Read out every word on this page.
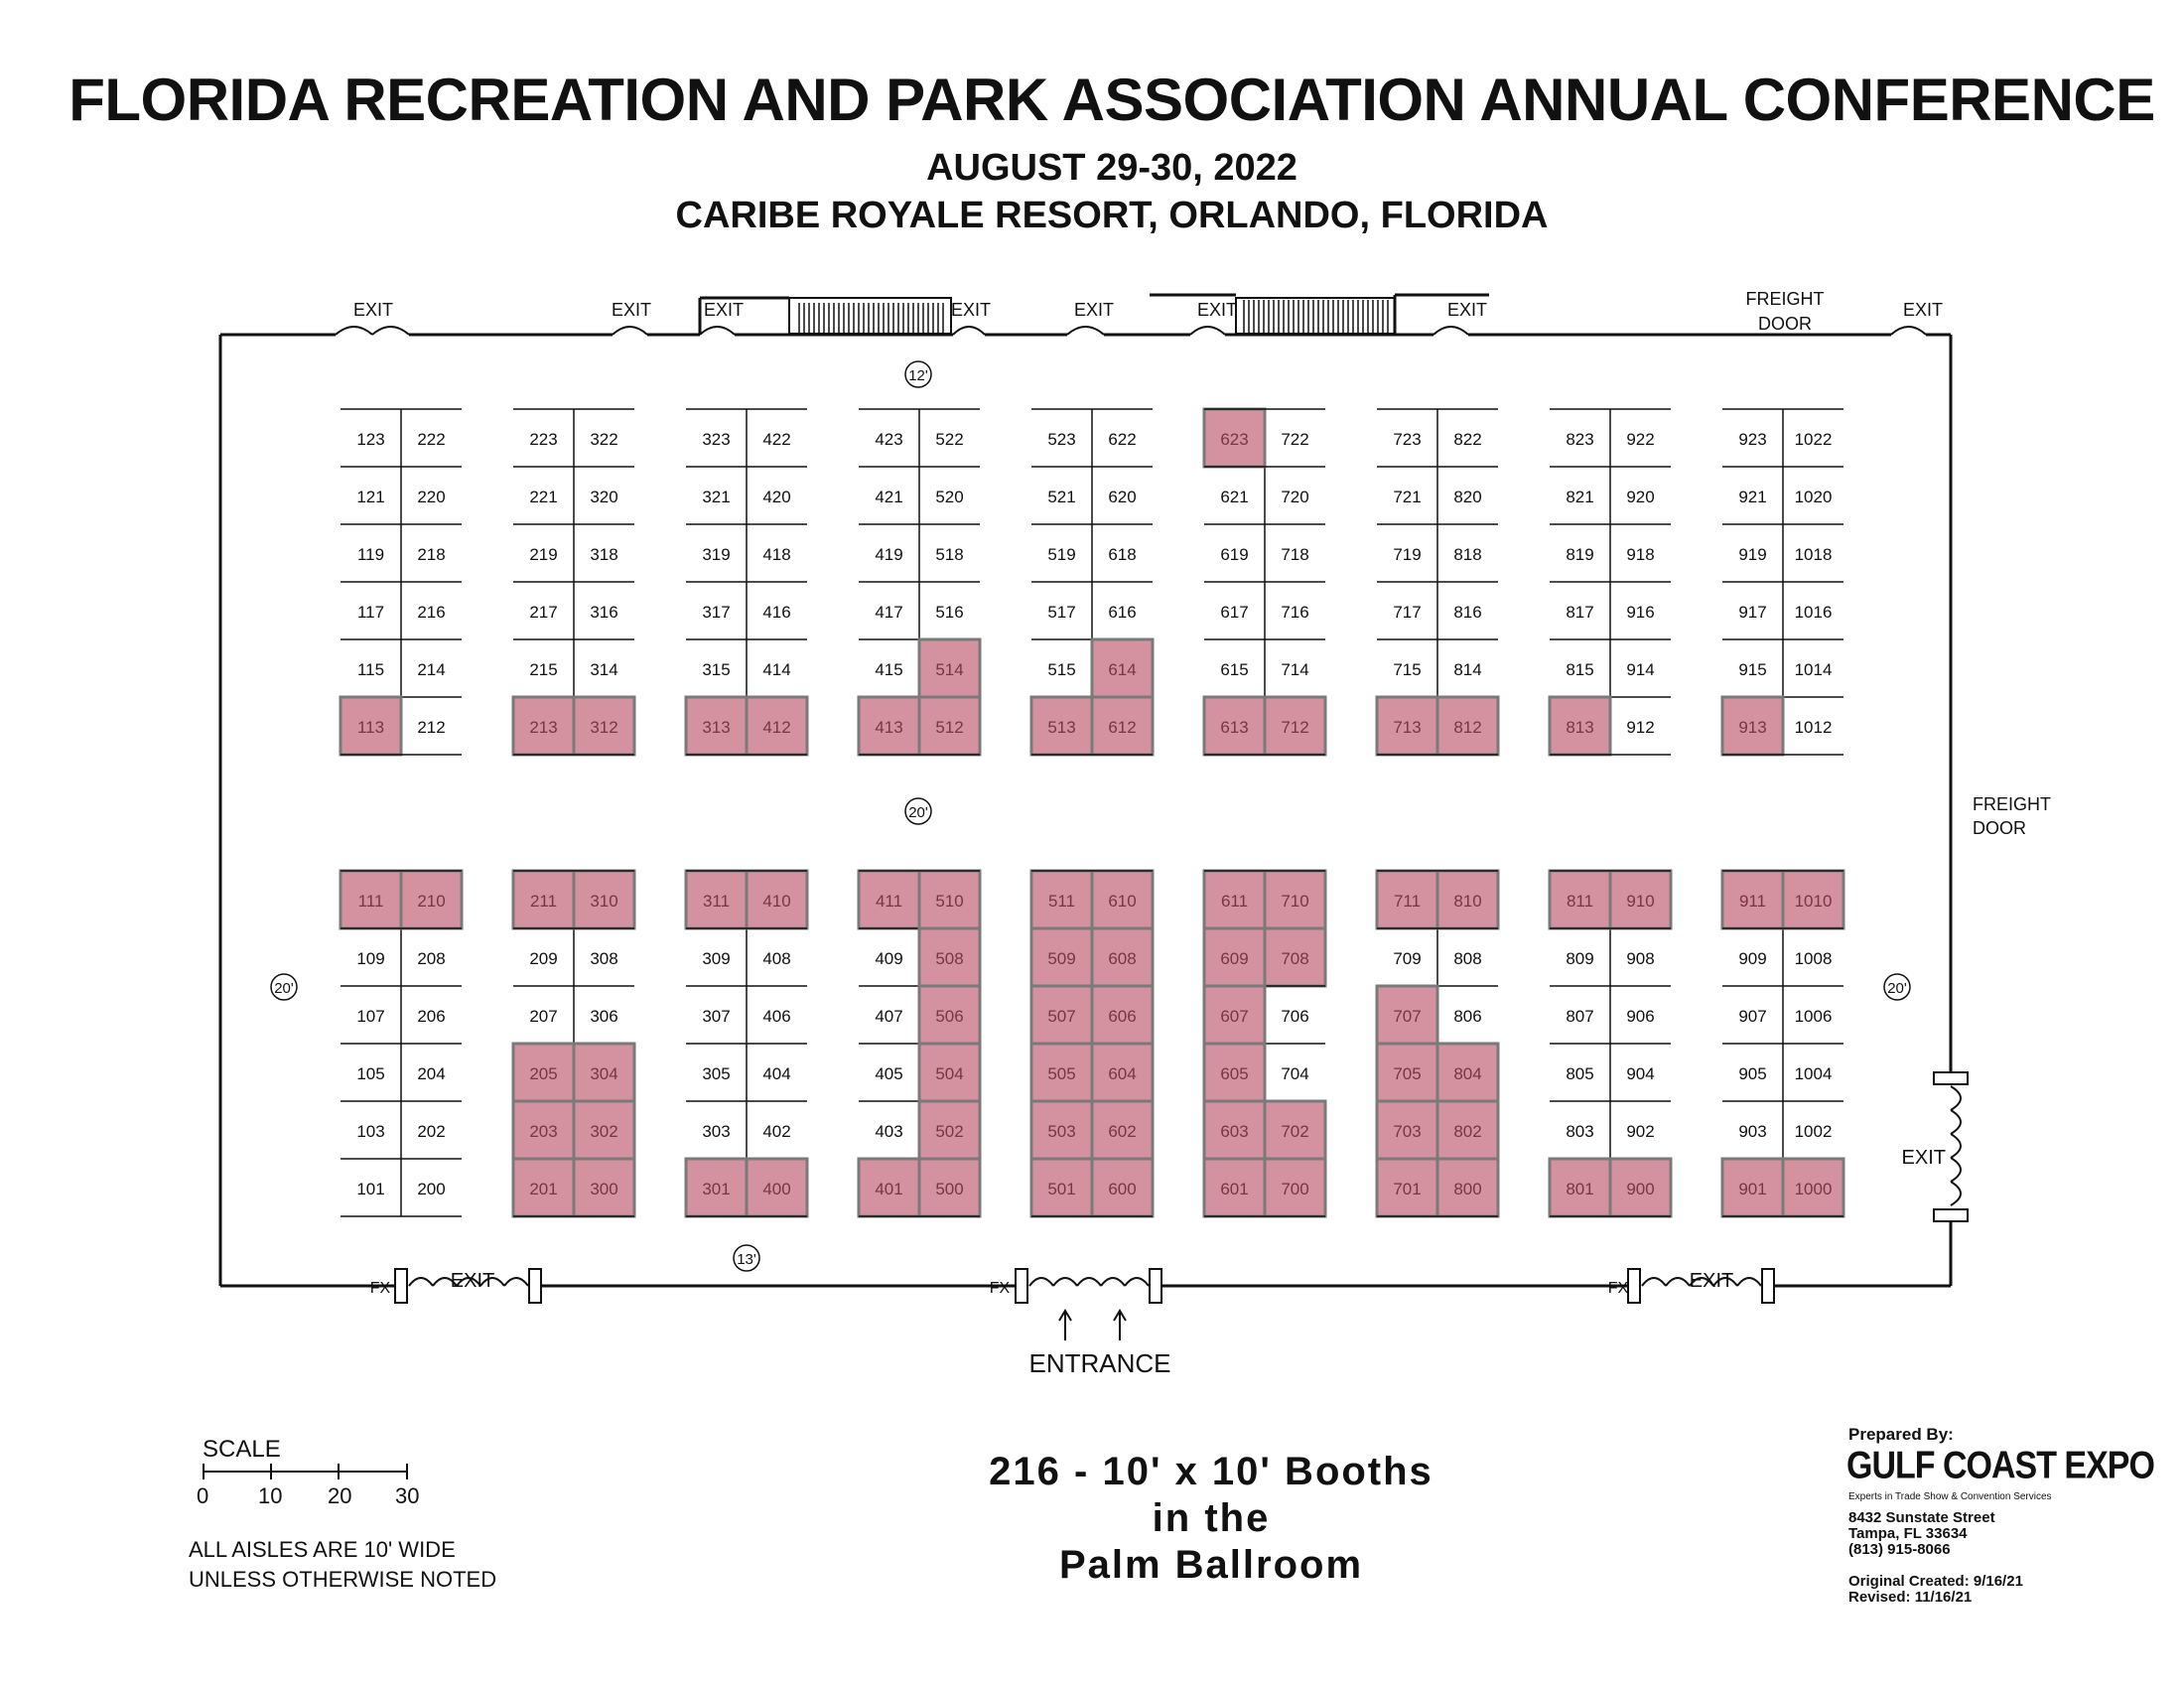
FLORIDA RECREATION AND PARK ASSOCIATION ANNUAL CONFERENCE
AUGUST 29-30, 2022
CARIBE ROYALE RESORT, ORLANDO, FLORIDA
123 222
121 220
119 218
117 216
115 214
113 212
223 322
221 320
219 318
217 316
215 314
213 312
323 422
321 420
319 418
317 416
315 414
313 412
423 522
421 520
419 518
417 516
415 514
413 512
523 622
521 620
519 618
517 616
515 614
513 612
623 722
621 720
619 718
617 716
615 714
613 712
723 822
721 820
719 818
717 816
715 814
713 812
823 922
821 920
819 918
817 916
815 914
813 912
923 1022
921 1020
919 1018
917 1016
915 1014
913 1012
111 210
109 208
107 206
105 204
103 202
101 200
211 310
209 308
207 306
205 304
203 302
201 300
311 410
309 408
307 406
305 404
303 402
301 400
411 510
409 508
407 506
405 504
403 502
401 500
511 610
509 608
507 606
505 604
503 602
501 600
611 710
609 708
607 706
605 704
603 702
601 700
711 810
709 808
707 806
705 804
703 802
701 800
811 910
809 908
807 906
805 904
803 902
801 900
911 1010
909 1008
907 1006
905 1004
903 1002
901 1000
EXIT	EXIT	EXIT	EXIT	EXIT	EXIT	EXIT	EXIT
FREIGHT
DOOR
FREIGHT
DOOR
EXIT
EXIT	EXIT
FX	FX	FX
ENTRANCE
12'
20'
20'	20'
13'
SCALE
0 10 20 30
ALL AISLES ARE 10' WIDE
UNLESS OTHERWISE NOTED
216 - 10' x 10' Booths
in the
Palm Ballroom
Prepared By:
GULF COAST EXPO
Experts in Trade Show & Convention Services
8432 Sunstate Street
Tampa, FL 33634
(813) 915-8066
Original Created: 9/16/21
Revised: 11/16/21
